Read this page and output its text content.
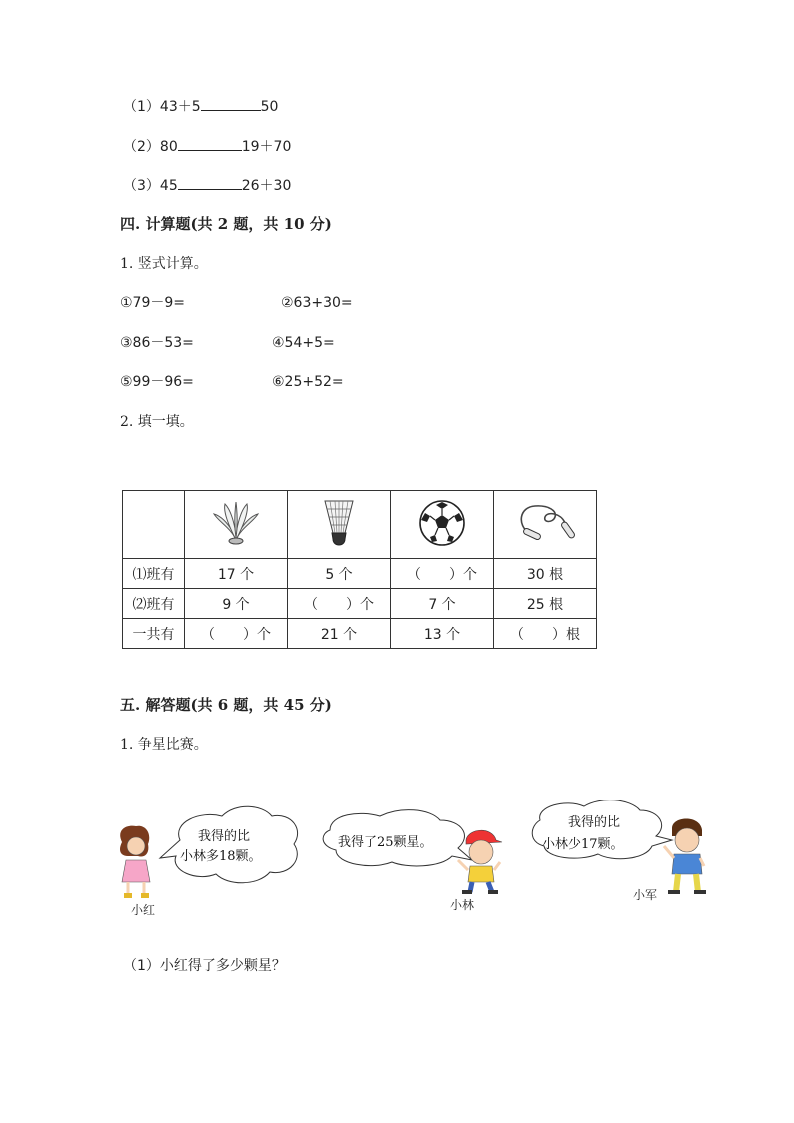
（1）43＋5	50
（2）80	19＋70
（3）45	26＋30
四. 计算题(共 2 题，共 10 分)
1. 竖式计算。
①79－9=	②63+30=
③86－53=	④54+5=
⑤99－96=	⑥25+52=
2. 填一填。

⑴班有	17 个	5 个	（　　）个	30 根
⑵班有	9 个	（　　）个	7 个	25 根
一共有	（　　）个	21 个	13 个	（　　）根
五. 解答题(共 6 题，共 45 分)
1. 争星比赛。
我得的比
小林多18颗。
我得了25颗星。
我得的比
小林少17颗。
小红	小林
小军
（1）小红得了多少颗星？
